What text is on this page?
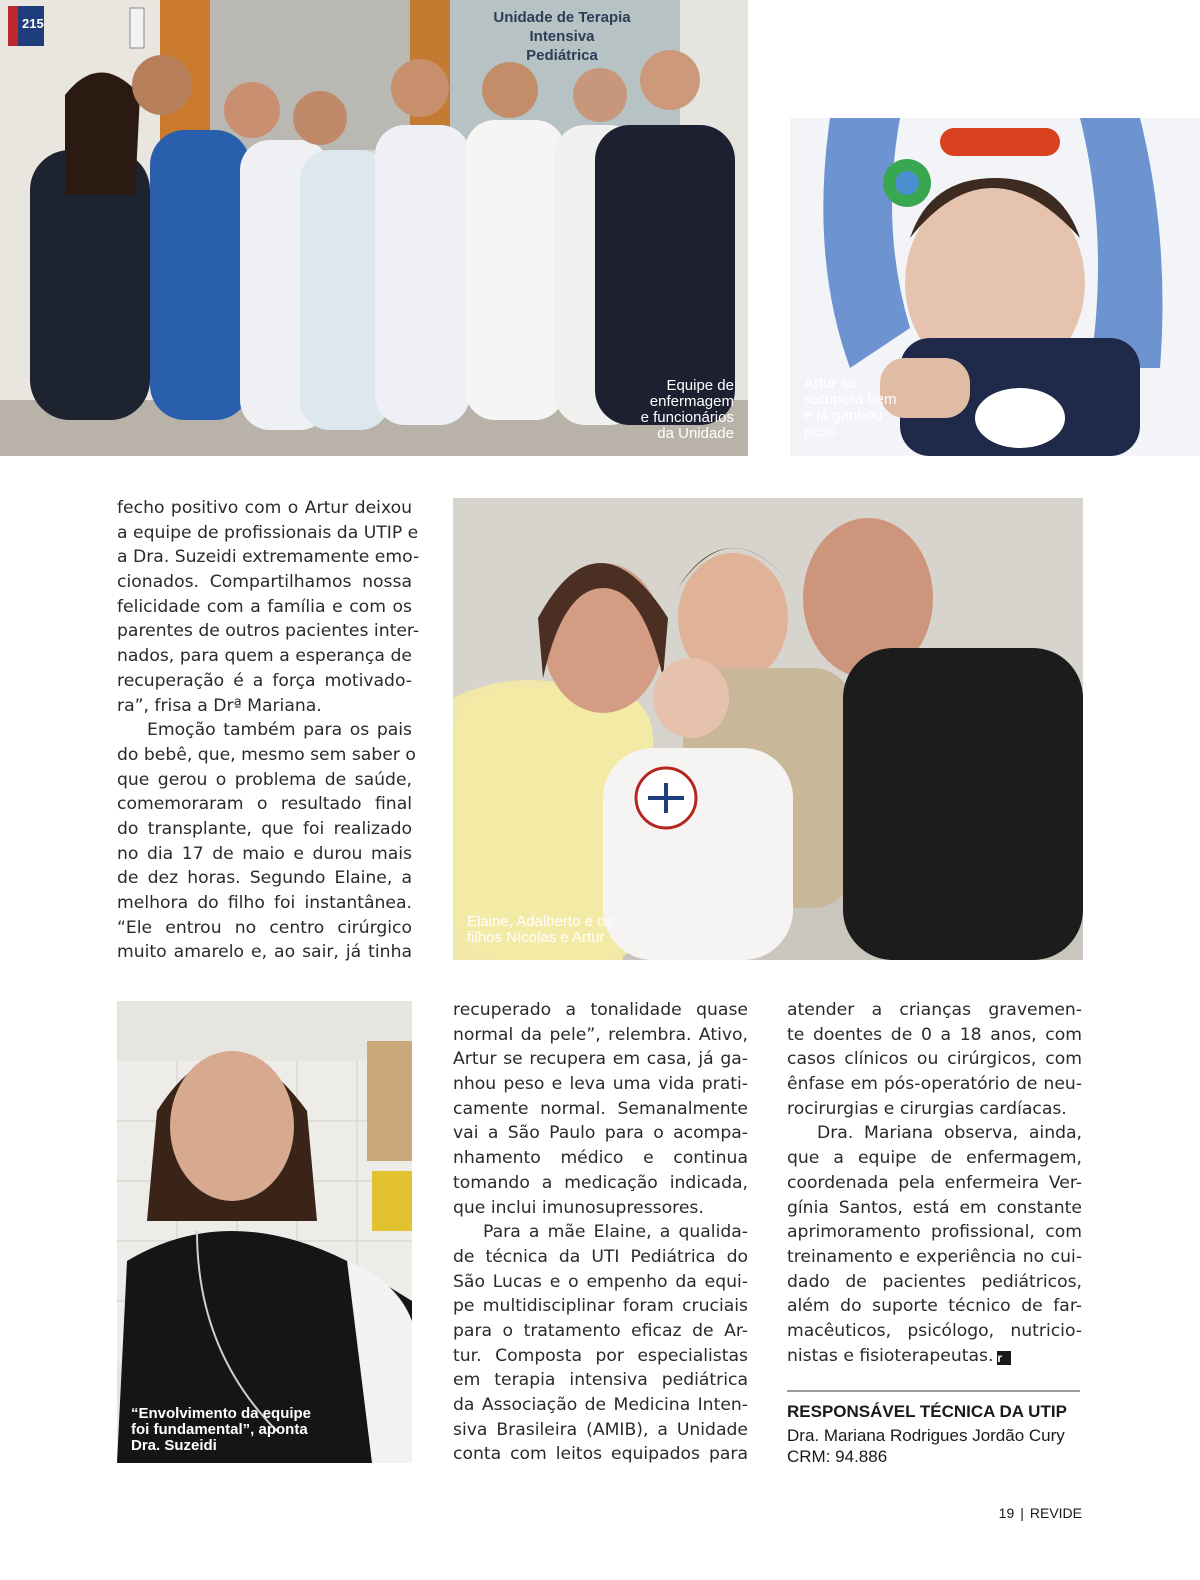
215	Unidade de Terapia
Intensiva
Pediátrica
Equipe de
enfermagem
e funcionários
da Unidade
Artur se
recupera bem
e já ganhou
peso
Elaine, Adalberto e os
filhos Nícolas e Artur
“Envolvimento da equipe
foi fundamental”, aponta
Dra. Suzeidi
fecho positivo com o Artur deixou
a equipe de profissionais da UTIP e
a Dra. Suzeidi extremamente emo-
cionados. Compartilhamos nossa
felicidade com a família e com os
parentes de outros pacientes inter-
nados, para quem a esperança de
recuperação é a força motivado-
ra”, frisa a Drª Mariana.
Emoção também para os pais
do bebê, que, mesmo sem saber o
que gerou o problema de saúde,
comemoraram o resultado final
do transplante, que foi realizado
no dia 17 de maio e durou mais
de dez horas. Segundo Elaine, a
melhora do filho foi instantânea.
“Ele entrou no centro cirúrgico
muito amarelo e, ao sair, já tinha
recuperado a tonalidade quase
normal da pele”, relembra. Ativo,
Artur se recupera em casa, já ga-
nhou peso e leva uma vida prati-
camente normal. Semanalmente
vai a São Paulo para o acompa-
nhamento médico e continua
tomando a medicação indicada,
que inclui imunosupressores.
Para a mãe Elaine, a qualida-
de técnica da UTI Pediátrica do
São Lucas e o empenho da equi-
pe multidisciplinar foram cruciais
para o tratamento eficaz de Ar-
tur. Composta por especialistas
em terapia intensiva pediátrica
da Associação de Medicina Inten-
siva Brasileira (AMIB), a Unidade
conta com leitos equipados para
atender a crianças gravemen-
te doentes de 0 a 18 anos, com
casos clínicos ou cirúrgicos, com
ênfase em pós-operatório de neu-
rocirurgias e cirurgias cardíacas.
Dra. Mariana observa, ainda,
que a equipe de enfermagem,
coordenada pela enfermeira Ver-
gínia Santos, está em constante
aprimoramento profissional, com
treinamento e experiência no cui-
dado de pacientes pediátricos,
além do suporte técnico de far-
macêuticos, psicólogo, nutricio-
nistas e fisioterapeutas. r
RESPONSÁVEL TÉCNICA DA UTIP
Dra. Mariana Rodrigues Jordão Cury
CRM: 94.886
19 | REVIDE
